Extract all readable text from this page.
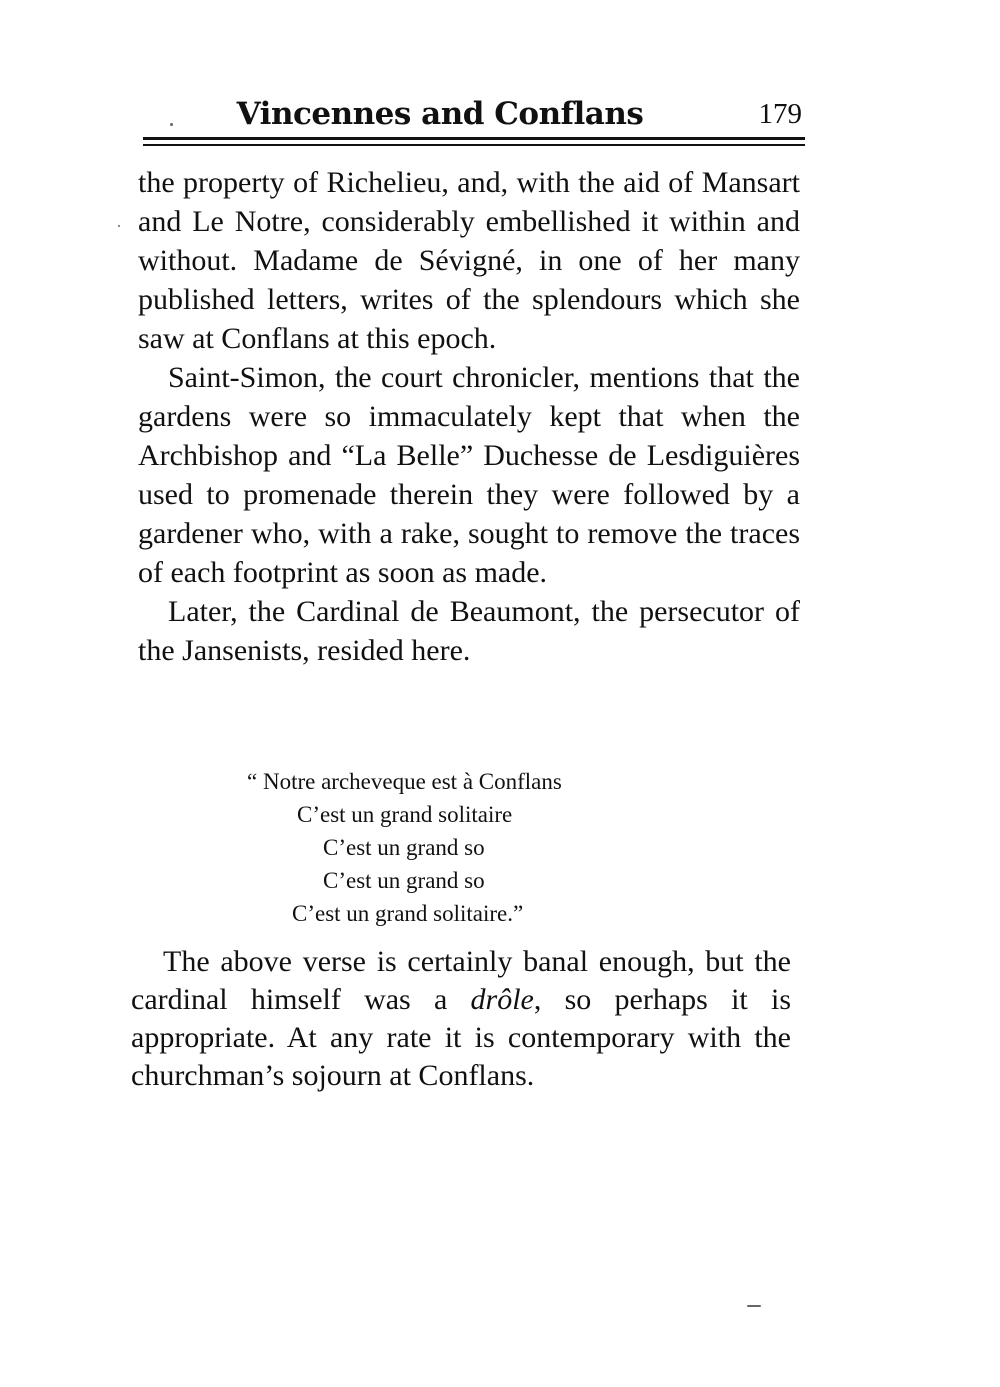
Vincennes and Conflans	179

the property of Richelieu, and, with the aid of Mansart and Le Notre, considerably embellished it within and without. Madame de Sévigné, in one of her many published letters, writes of the splendours which she saw at Conflans at this epoch.

Saint-Simon, the court chronicler, mentions that the gardens were so immaculately kept that when the Archbishop and “La Belle” Duchesse de Lesdiguières used to promenade therein they were followed by a gardener who, with a rake, sought to remove the traces of each footprint as soon as made.

Later, the Cardinal de Beaumont, the persecutor of the Jansenists, resided here.

“ Notre archeveque est à Conflans
C’est un grand solitaire
C’est un grand so
C’est un grand so
C’est un grand solitaire.”

The above verse is certainly banal enough, but the cardinal himself was a drôle, so perhaps it is appropriate. At any rate it is contemporary with the churchman’s sojourn at Conflans.
